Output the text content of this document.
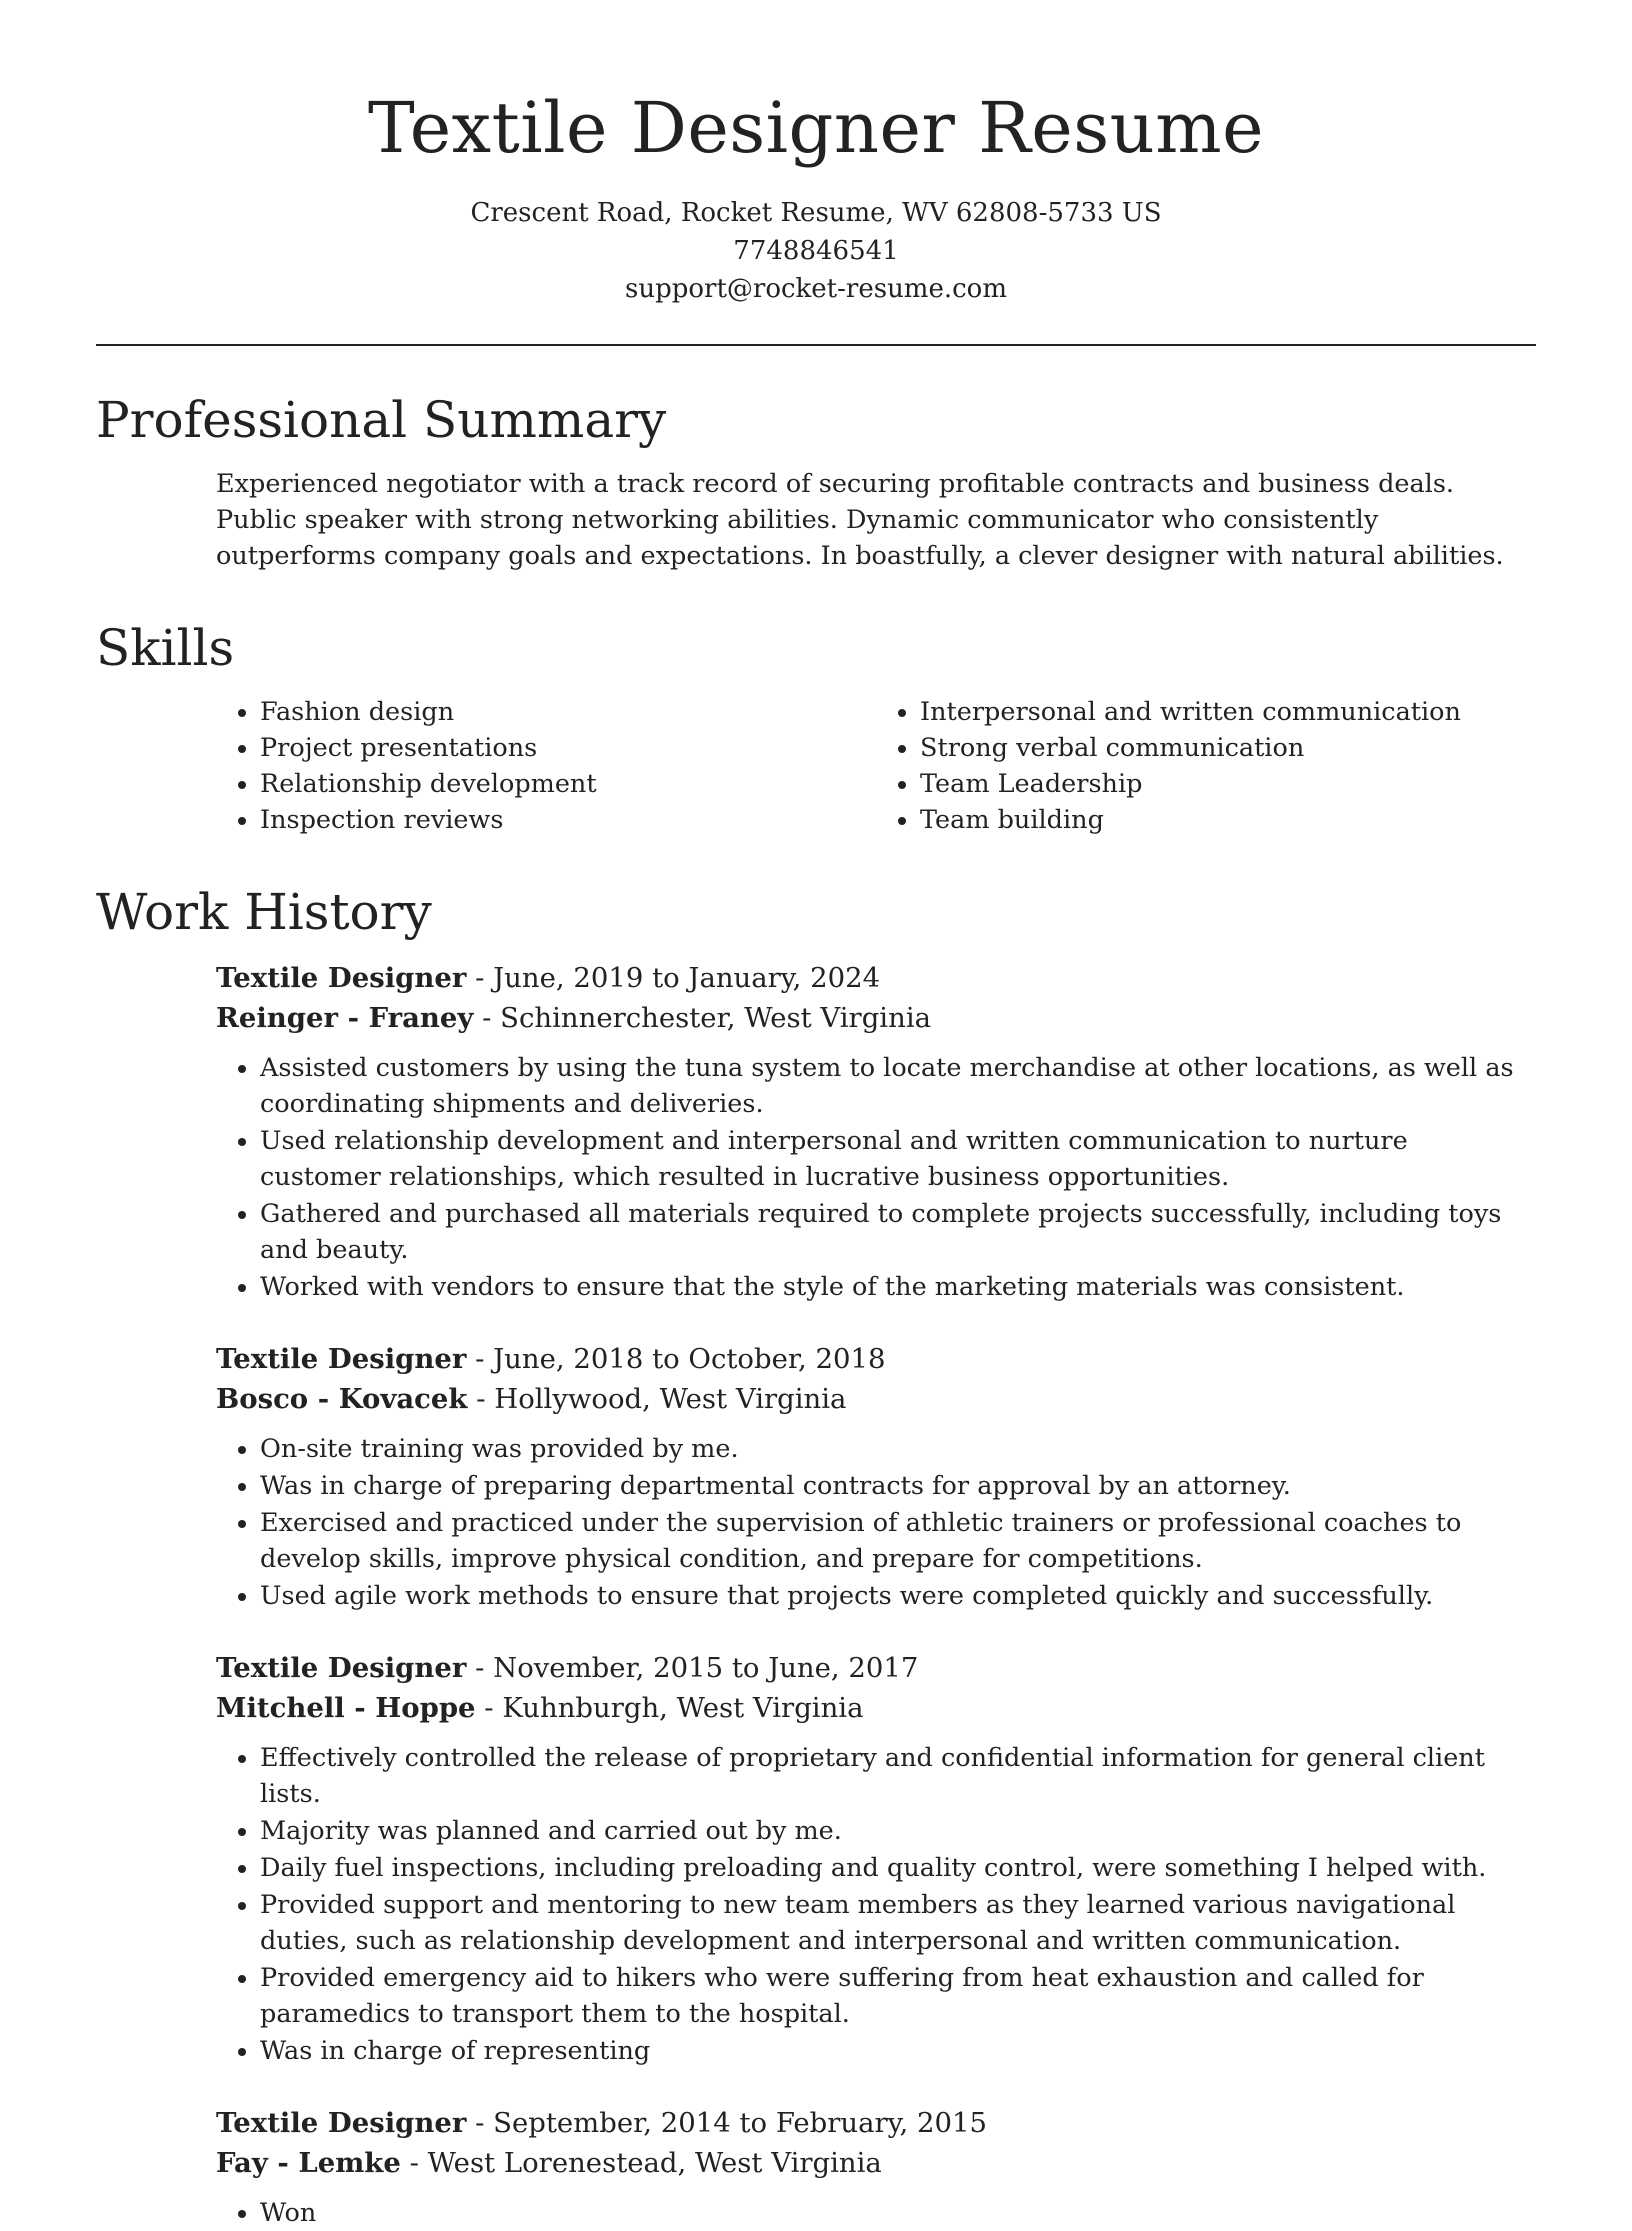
Textile Designer Resume
Crescent Road, Rocket Resume, WV 62808-5733 US
7748846541
support@rocket-resume.com
Professional Summary

Experienced negotiator with a track record of securing profitable contracts and business deals. Public speaker with strong networking abilities. Dynamic communicator who consistently outperforms company goals and expectations. In boastfully, a clever designer with natural abilities.

Skills
• Fashion design
• Project presentations
• Relationship development
• Inspection reviews
• Interpersonal and written communication
• Strong verbal communication
• Team Leadership
• Team building
Work History
Textile Designer - June, 2019 to January, 2024
Reinger - Franey - Schinnerchester, West Virginia
• Assisted customers by using the tuna system to locate merchandise at other locations, as well as coordinating shipments and deliveries.
• Used relationship development and interpersonal and written communication to nurture customer relationships, which resulted in lucrative business opportunities.
• Gathered and purchased all materials required to complete projects successfully, including toys and beauty.
• Worked with vendors to ensure that the style of the marketing materials was consistent.
Textile Designer - June, 2018 to October, 2018
Bosco - Kovacek - Hollywood, West Virginia
• On-site training was provided by me.
• Was in charge of preparing departmental contracts for approval by an attorney.
• Exercised and practiced under the supervision of athletic trainers or professional coaches to develop skills, improve physical condition, and prepare for competitions.
• Used agile work methods to ensure that projects were completed quickly and successfully.
Textile Designer - November, 2015 to June, 2017
Mitchell - Hoppe - Kuhnburgh, West Virginia
• Effectively controlled the release of proprietary and confidential information for general client lists.
• Majority was planned and carried out by me.
• Daily fuel inspections, including preloading and quality control, were something I helped with.
• Provided support and mentoring to new team members as they learned various navigational duties, such as relationship development and interpersonal and written communication.
• Provided emergency aid to hikers who were suffering from heat exhaustion and called for paramedics to transport them to the hospital.
• Was in charge of representing
Textile Designer - September, 2014 to February, 2015
Fay - Lemke - West Lorenestead, West Virginia
• Won
